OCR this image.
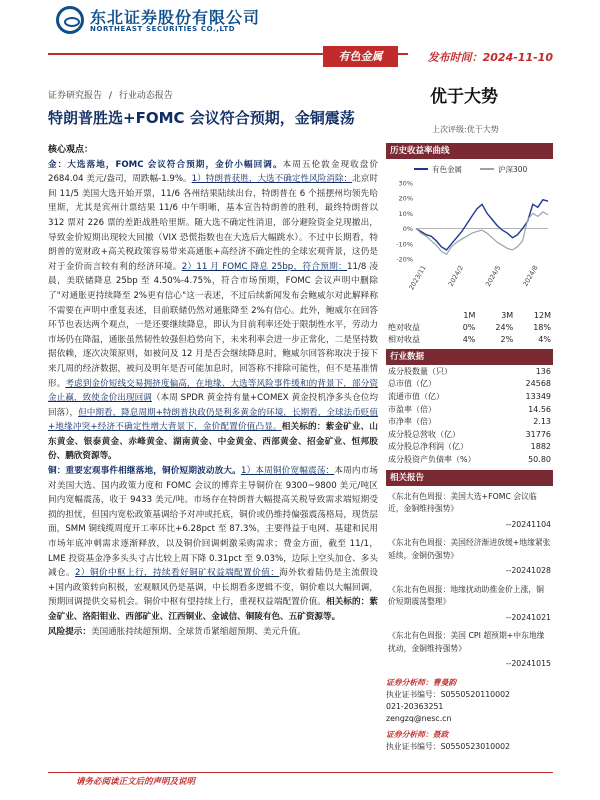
东北证券股份有限公司
NORTHEAST SECURITIES CO.,LTD
有色金属	发布时间：2024-11-10
证券研究报告 / 行业动态报告	优于大势
特朗普胜选+FOMC 会议符合预期，金铜震荡
上次评级:优于大势
核心观点：

金：大选落地，FOMC 会议符合预期，金价小幅回调。本周五伦敦金现收盘价 2684.04 美元/盎司，周跌幅-1.9%。1）特朗普获胜，大选不确定性风险消除：北京时间 11/5 美国大选开始开票，11/6 各州结果陆续出台，特朗普在 6 个摇摆州均领先哈里斯，尤其是宾州计票结果 11/6 中午明晰，基本宣告特朗普的胜利，最终特朗普以 312 票对 226 票的差距战胜哈里斯。随大选不确定性消退，部分避险资金兑现撤出，导致金价短期出现较大回撤（VIX 恐慌指数也在大选后大幅跳水）。不过中长期看，特朗普的宽财政+高关税政策容易带来高通胀+高经济不确定性的全球宏观背景，这仍是对于金价而言较有利的经济环境。2）11 月 FOMC 降息 25bp，符合预期：11/8 凌晨，美联储降息 25bp 至 4.50%-4.75%，符合市场预期，FOMC 会议声明中删除了"对通胀更持续降至 2%更有信心"这一表述，不过后续新闻发布会鲍威尔对此解释称不需要在声明中重复表述，目前联储仍然对通胀降至 2%有信心。此外，鲍威尔在回答环节也表达两个观点，一是还要继续降息，即认为目前利率还处于限制性水平，劳动力市场仍在降温，通胀虽然韧性较强但趋势向下，未来利率会进一步正常化，二是坚持数据依赖，逐次决策原则，如被问及 12 月是否会继续降息时，鲍威尔回答称取决于接下来几周的经济数据，被问及明年是否可能加息时，回答称不排除可能性，但不是基准情形。考虑到金价短线交易拥挤度偏高，在地缘、大选等风险事件缓和的背景下，部分资金止赢，致使金价出现回调（本周 SPDR 黄金持有量+COMEX 黄金投机净多头仓位均回落），但中期看，降息周期+特朗普执政仍是利多黄金的环境，长期看，全球法币贬值+地缘冲突+经济不确定性增大背景下，金价配置价值凸显。相关标的：紫金矿业、山东黄金、银泰黄金、赤峰黄金、湖南黄金、中金黄金、西部黄金、招金矿业、恒邦股份、鹏欣资源等。

铜：重要宏观事件相继落地，铜价短期波动放大。1）本周铜价宽幅震荡：本周内市场对美国大选、国内政策力度和 FOMC 会议的博弈主导铜价在 9300~9800 美元/吨区间内宽幅震荡，收于 9433 美元/吨。市场存在特朗普大幅提高关税导致需求端短期受损的担忧，但国内宽松政策基调给予对冲或托底，铜价或仍维持偏强震荡格局，现货层面，SMM 铜线缆周度开工率环比+6.28pct 至 87.3%，主要得益于电网、基建和民用市场年底冲刺需求逐渐释放，以及铜价回调刺激采购需求；费金方面，截至 11/1，LME 投资基金净多头头寸占比较上周下降 0.31pct 至 9.03%，边际上空头加仓、多头减仓。2）铜价中枢上行，持续看好铜矿权益端配置价值：海外软着陆仍是主流假设+国内政策转向积极，宏观顺风仍是基调，中长期看多逻辑不变，铜价难以大幅回调，预期回调提供交易机会。铜价中枢有望持续上行，重视权益端配置价值。相关标的：紫金矿业、洛阳钼业、西部矿业、江西铜业、金诚信、铜陵有色、五矿资源等。

风险提示：美国通胀持续超预期、全球货币紧缩超预期、美元升值。

历史收益率曲线
有色金属	沪深300
30%
20%
10%
0%
-10%
-20%
2023/11	2024/2	2024/5	2024/8
	1M	3M	12M
绝对收益	0%	24%	18%
相对收益	4%	2%	4%
行业数据
成分股数量（只）	136
总市值（亿）	24568
流通市值（亿）	13349
市盈率（倍）	14.56
市净率（倍）	2.13
成分股总营收（亿）	31776
成分股总净利润（亿）	1882
成分股资产负债率（%）	50.80
相关报告
《东北有色周报：美国大选+FOMC 会议临近，金铜维持强势》
--20241104
《东北有色周报：美国经济渐进放缓+地缘紧张延续，金铜仍强势》
--20241028
《东北有色周报：地缘扰动助推金价上涨，铜价短期震荡整理》
--20241021
《东北有色周报：美国 CPI 超预期+中东地缘扰动，金铜维持强势》
--20241015
证券分析师：曹曼韵
执业证书编号：S0550520110002
021-20363251
zengzq@nesc.cn
证券分析师：聂政
执业证书编号：S0550523010002
请务必阅读正文后的声明及说明
